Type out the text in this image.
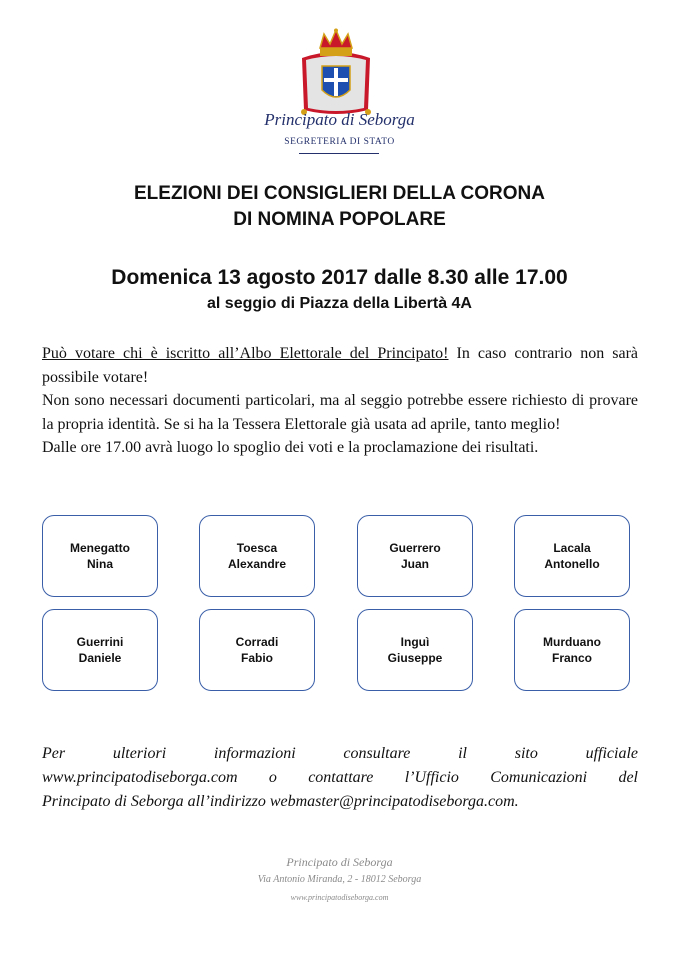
Principato di Seborga
SEGRETERIA DI STATO
ELEZIONI DEI CONSIGLIERI DELLA CORONA
DI NOMINA POPOLARE
Domenica 13 agosto 2017 dalle 8.30 alle 17.00
al seggio di Piazza della Libertà 4A

Può votare chi è iscritto all’Albo Elettorale del Principato! In caso contrario non sarà possibile votare!

Non sono necessari documenti particolari, ma al seggio potrebbe essere richiesto di provare la propria identità. Se si ha la Tessera Elettorale già usata ad aprile, tanto meglio!

Dalle ore 17.00 avrà luogo lo spoglio dei voti e la proclamazione dei risultati.

Menegatto
Nina
Toesca
Alexandre
Guerrero
Juan
Lacala
Antonello
Guerrini
Daniele
Corradi
Fabio
Inguì
Giuseppe
Murduano
Franco
Per ulteriori informazioni consultare il sito ufficiale
www.principatodiseborga.com o contattare l’Ufficio Comunicazioni del
Principato di Seborga all’indirizzo webmaster@principatodiseborga.com.
Principato di Seborga
Via Antonio Miranda, 2 - 18012 Seborga
www.principatodiseborga.com
